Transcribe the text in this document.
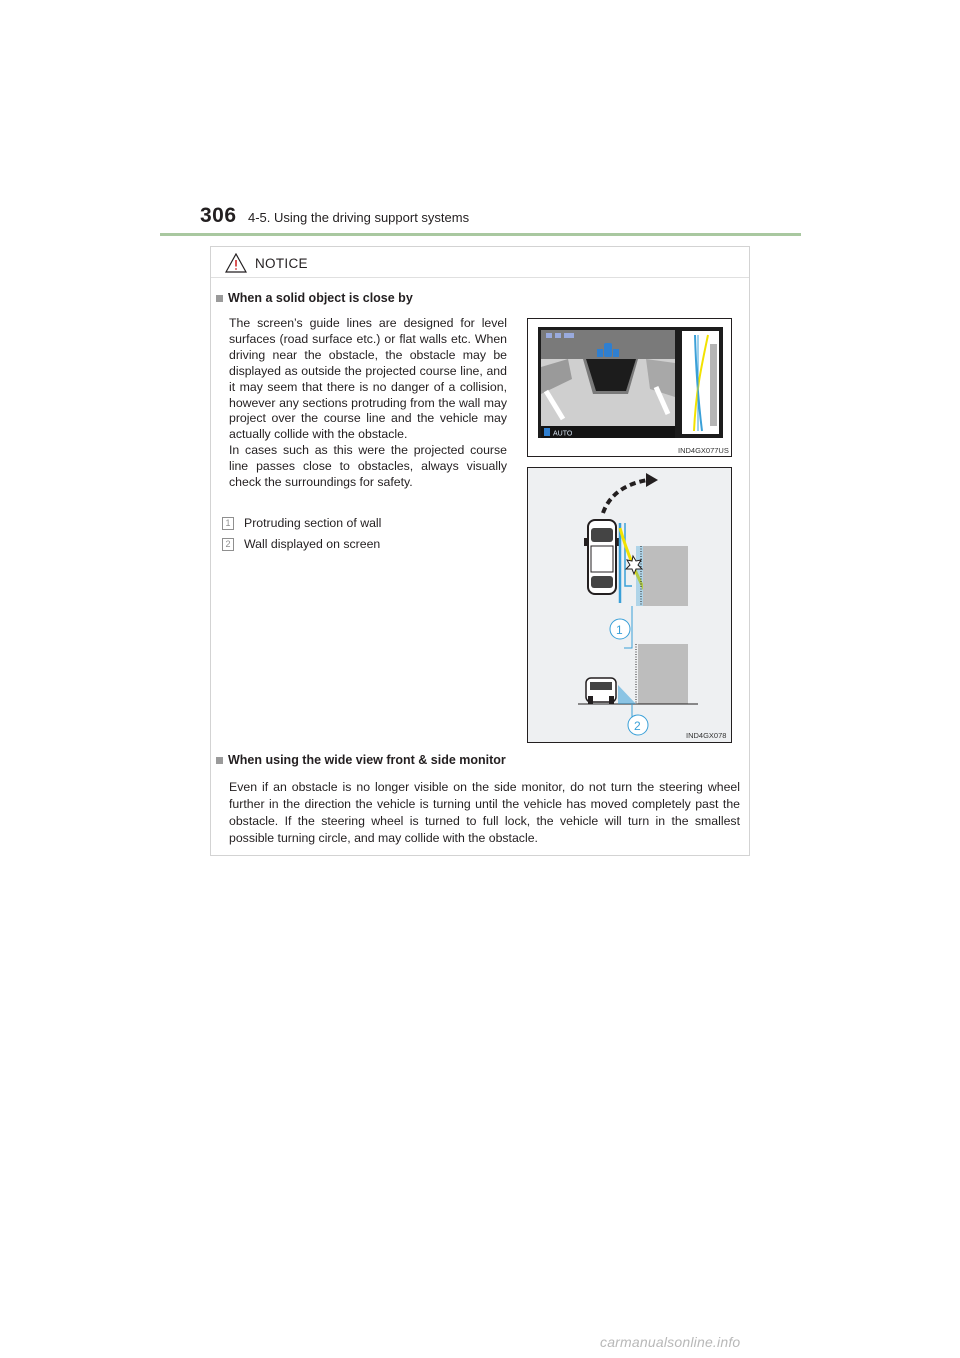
306 4-5. Using the driving support systems
NOTICE
When a solid object is close by

The screen’s guide lines are designed for level surfaces (road surface etc.) or flat walls etc. When driving near the obstacle, the obstacle may be displayed as outside the projected course line, and it may seem that there is no danger of a collision, however any sections protruding from the wall may project over the course line and the vehicle may actually collide with the obstacle.

In cases such as this were the projected course line passes close to obstacles, always visually check the surroundings for safety.

1 Protruding section of wall
2 Wall displayed on screen
AUTO
IND4GX077US
1
2
IND4GX078
When using the wide view front & side monitor
Even if an obstacle is no longer visible on the side monitor, do not turn the steering wheel further in the direction the vehicle is turning until the vehicle has moved completely past the obstacle. If the steering wheel is turned to full lock, the vehicle will turn in the smallest possible turning circle, and may collide with the obstacle.
carmanualsonline.info
